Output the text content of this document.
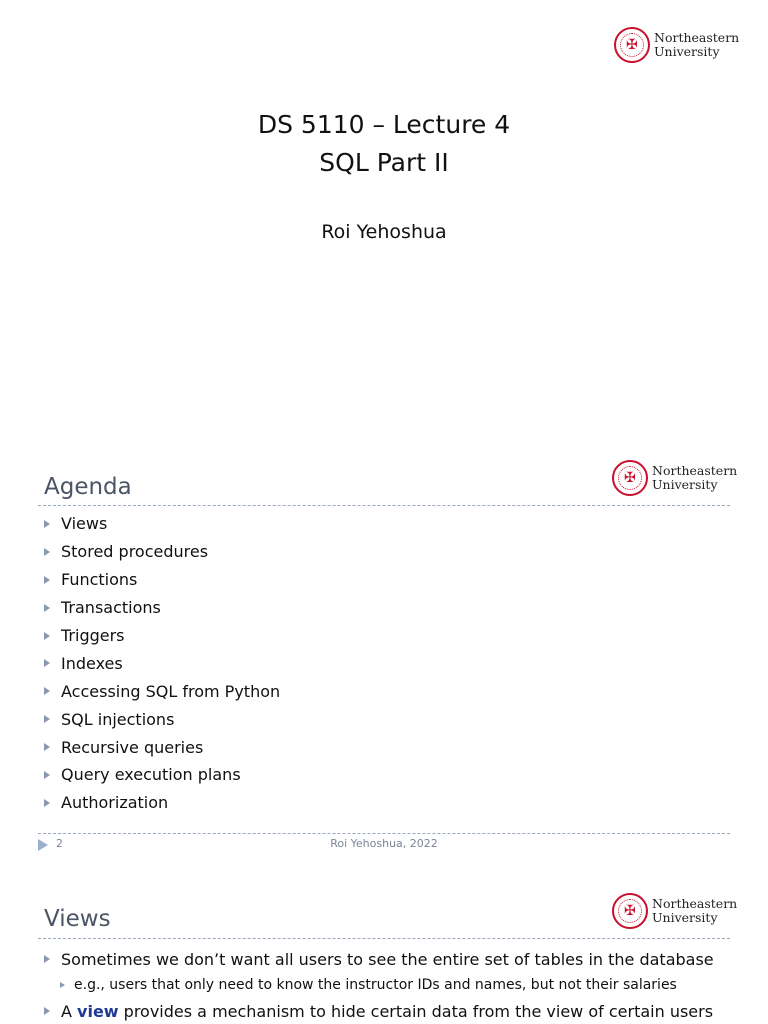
✠ Northeastern
University
DS 5110 – Lecture 4
SQL Part II
Roi Yehoshua
✠ Northeastern
University
Agenda
Views
Stored procedures
Functions
Transactions
Triggers
Indexes
Accessing SQL from Python
SQL injections
Recursive queries
Query execution plans
Authorization
2	Roi Yehoshua, 2022
✠ Northeastern
University
Views
Sometimes we don’t want all users to see the entire set of tables in the database
e.g., users that only need to know the instructor IDs and names, but not their salaries
A view provides a mechanism to hide certain data from the view of certain users
